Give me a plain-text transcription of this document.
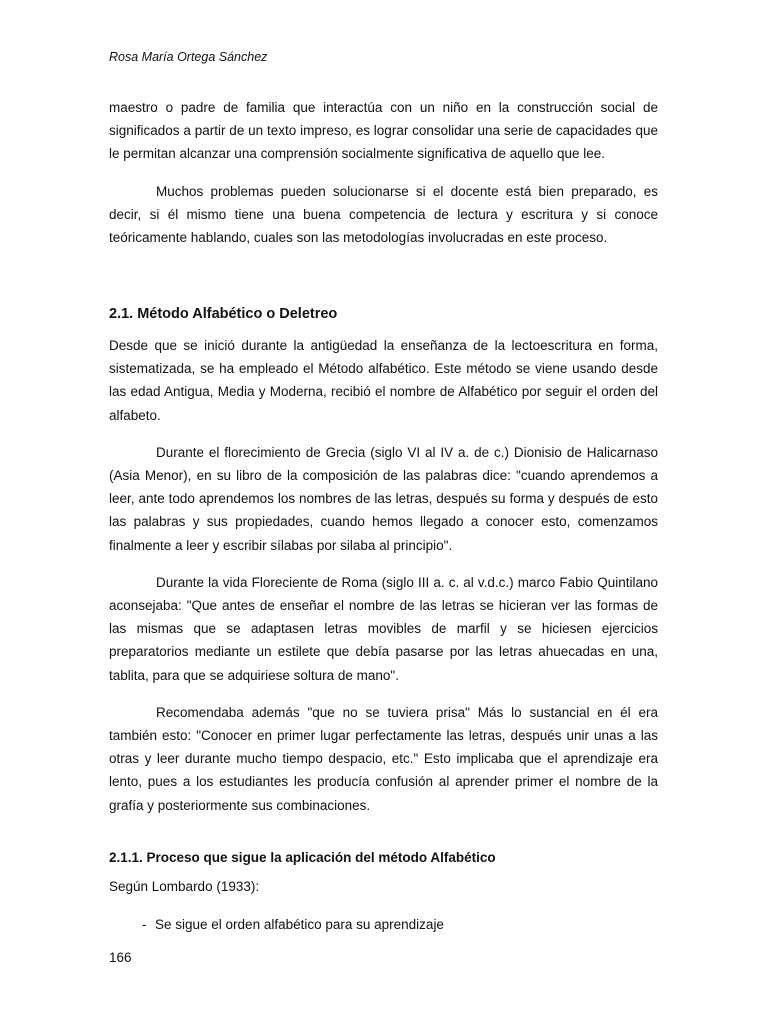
Rosa María Ortega Sánchez

maestro o padre de familia que interactúa con un niño en la construcción social de significados a partir de un texto impreso, es lograr consolidar una serie de capacidades que le permitan alcanzar una comprensión socialmente significativa de aquello que lee.

Muchos problemas pueden solucionarse si el docente está bien preparado, es decir, si él mismo tiene una buena competencia de lectura y escritura y si conoce teóricamente hablando, cuales son las metodologías involucradas en este proceso.

2.1. Método Alfabético o Deletreo

Desde que se inició durante la antigüedad la enseñanza de la lectoescritura en forma, sistematizada, se ha empleado el Método alfabético. Este método se viene usando desde las edad Antigua, Media y Moderna, recibió el nombre de Alfabético por seguir el orden del alfabeto.

Durante el florecimiento de Grecia (siglo VI al IV a. de c.) Dionisio de Halicarnaso (Asia Menor), en su libro de la composición de las palabras dice: "cuando aprendemos a leer, ante todo aprendemos los nombres de las letras, después su forma y después de esto las palabras y sus propiedades, cuando hemos llegado a conocer esto, comenzamos finalmente a leer y escribir sílabas por silaba al principio".

Durante la vida Floreciente de Roma (siglo III a. c. al v.d.c.) marco Fabio Quintilano aconsejaba: "Que antes de enseñar el nombre de las letras se hicieran ver las formas de las mismas que se adaptasen letras movibles de marfil y se hiciesen ejercicios preparatorios mediante un estilete que debía pasarse por las letras ahuecadas en una, tablita, para que se adquiriese soltura de mano".

Recomendaba además "que no se tuviera prisa" Más lo sustancial en él era también esto: "Conocer en primer lugar perfectamente las letras, después unir unas a las otras y leer durante mucho tiempo despacio, etc." Esto implicaba que el aprendizaje era lento, pues a los estudiantes les producía confusión al aprender primer el nombre de la grafía y posteriormente sus combinaciones.

2.1.1. Proceso que sigue la aplicación del método Alfabético

Según Lombardo (1933):

- Se sigue el orden alfabético para su aprendizaje

166
